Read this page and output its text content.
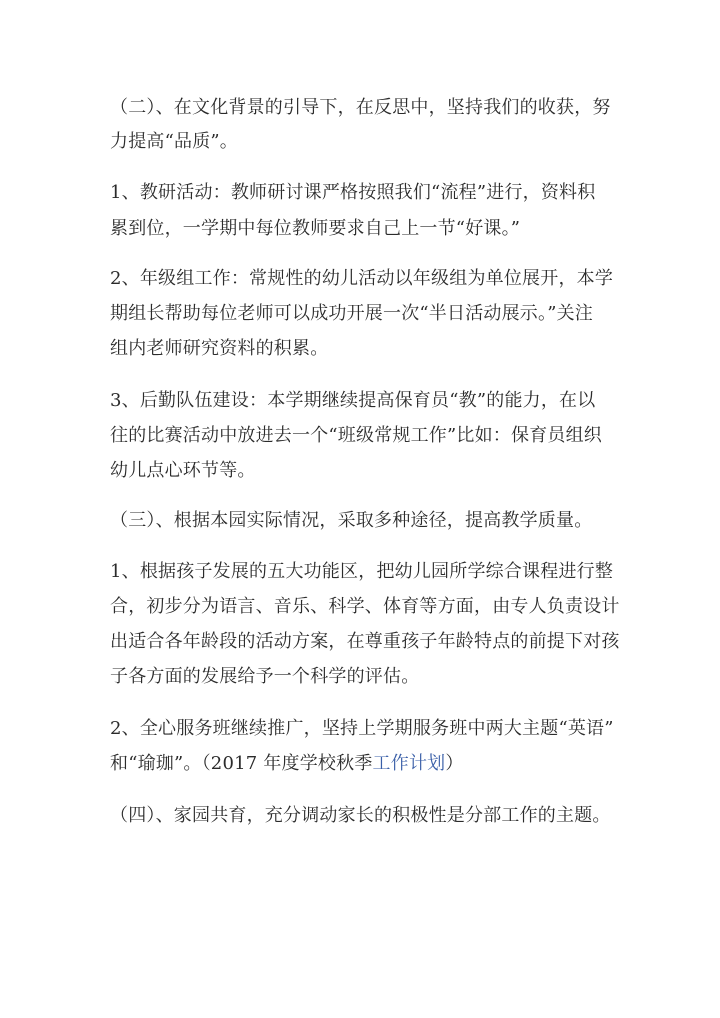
（二）、在文化背景的引导下，在反思中，坚持我们的收获，努
力提高“品质”。
1、教研活动：教师研讨课严格按照我们“流程”进行，资料积
累到位，一学期中每位教师要求自己上一节“好课。”
2、年级组工作：常规性的幼儿活动以年级组为单位展开，本学
期组长帮助每位老师可以成功开展一次“半日活动展示。”关注
组内老师研究资料的积累。
3、后勤队伍建设：本学期继续提高保育员“教”的能力，在以
往的比赛活动中放进去一个“班级常规工作”比如：保育员组织
幼儿点心环节等。
（三）、根据本园实际情况，采取多种途径，提高教学质量。
1、根据孩子发展的五大功能区，把幼儿园所学综合课程进行整
合，初步分为语言、音乐、科学、体育等方面，由专人负责设计
出适合各年龄段的活动方案，在尊重孩子年龄特点的前提下对孩
子各方面的发展给予一个科学的评估。
2、全心服务班继续推广，坚持上学期服务班中两大主题“英语”
和“瑜珈”。（2017 年度学校秋季工作计划）
（四）、家园共育，充分调动家长的积极性是分部工作的主题。
